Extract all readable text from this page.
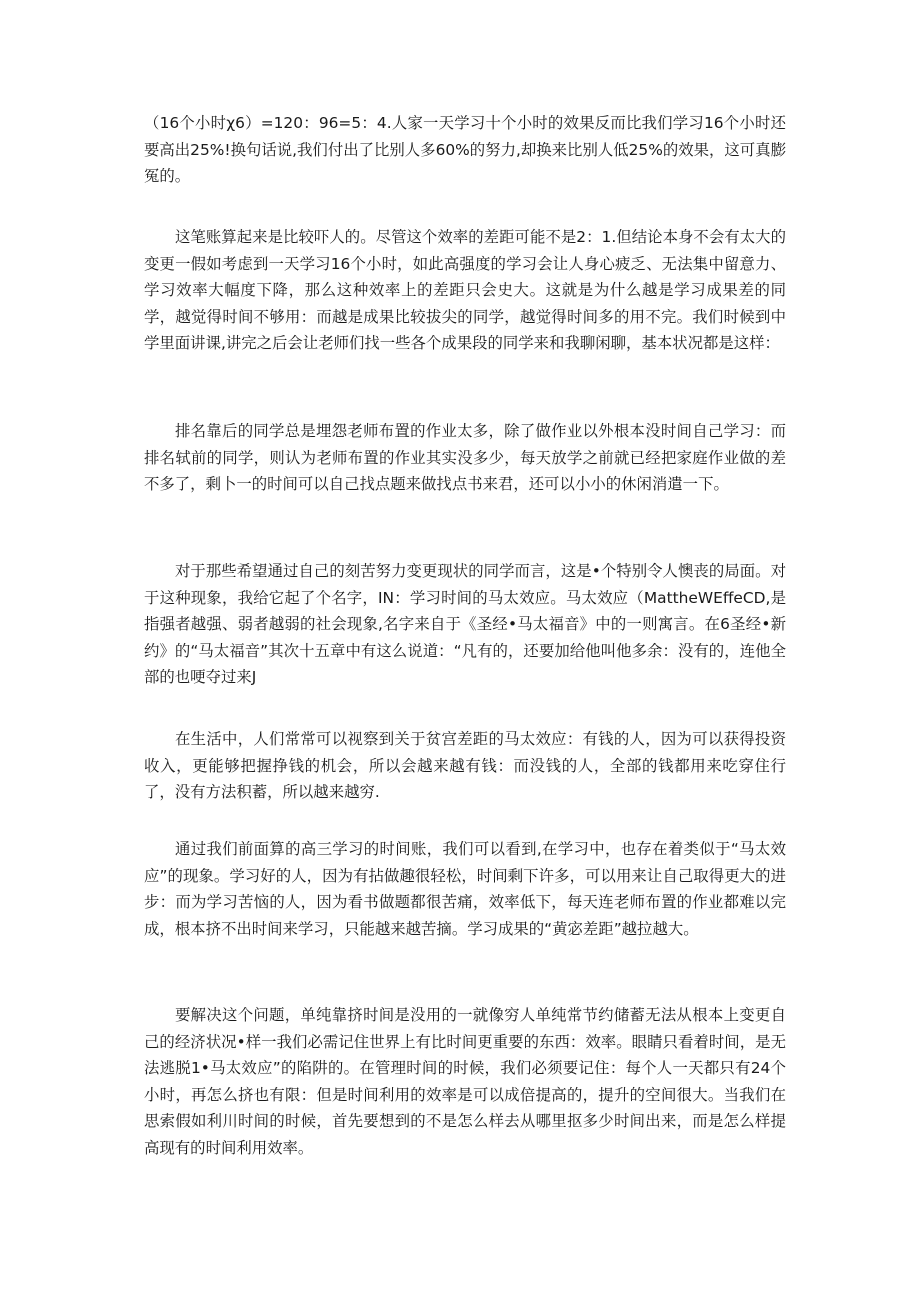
（16个小时χ6）=120：96=5：4.人家一天学习十个小时的效果反而比我们学习16个小时还要高出25%!换句话说,我们付出了比别人多60%的努力,却换来比别人低25%的效果，这可真膨冤的。

这笔账算起来是比较吓人的。尽管这个效率的差距可能不是2：1.但结论本身不会有太大的变更一假如考虑到一天学习16个小时，如此高强度的学习会让人身心疲乏、无法集中留意力、学习效率大幅度下降，那么这种效率上的差距只会史大。这就是为什么越是学习成果差的同学，越觉得时间不够用：而越是成果比较拔尖的同学，越觉得时间多的用不完。我们时候到中学里面讲课,讲完之后会让老师们找一些各个成果段的同学来和我聊闲聊，基本状况都是这样：

排名靠后的同学总是埋怨老师布置的作业太多，除了做作业以外根本没时间自己学习：而排名轼前的同学，则认为老师布置的作业其实没多少，每天放学之前就已经把家庭作业做的差不多了，剩卜一的时间可以自己找点题来做找点书来君，还可以小小的休闲消遣一下。

对于那些希望通过自己的刻苦努力变更现状的同学而言，这是•个特别令人懊丧的局面。对于这种现象，我给它起了个名字，IN：学习时间的马太效应。马太效应（MattheWEffeCD,是指强者越强、弱者越弱的社会现象,名字来自于《圣经•马太福音》中的一则寓言。在6圣经•新约》的“马太福音”其次十五章中有这么说道：“凡有的，还要加给他叫他多余：没有的，连他全部的也哽夺过来J

在生活中，人们常常可以视察到关于贫宫差距的马太效应：有钱的人，因为可以获得投资收入，更能够把握挣钱的机会，所以会越来越有钱：而没钱的人，全部的钱都用来吃穿住行了，没有方法积蓄，所以越来越穷.

通过我们前面算的高三学习的时间账，我们可以看到,在学习中，也存在着类似于“马太效应”的现象。学习好的人，因为有拈做趣很轻松，时间剩下许多，可以用来让自己取得更大的进步：而为学习苦恼的人，因为看书做题都很苦痛，效率低下，每天连老师布置的作业都难以完成，根本挤不出时间来学习，只能越来越苦摘。学习成果的“黄宓差距”越拉越大。

要解决这个问题，单纯靠挤时间是没用的一就像穷人单纯常节约储蓄无法从根本上变更自己的经济状况•样一我们必需记住世界上有比时间更重要的东西：效率。眼睛只看着时间，是无法逃脱1•马太效应”的陷阱的。在管理时间的时候，我们必须要记住：每个人一天都只有24个小时，再怎么挤也有限：但是时间利用的效率是可以成倍提高的，提升的空间很大。当我们在思索假如利川时间的时候，首先要想到的不是怎么样去从哪里抠多少时间出来，而是怎么样提高现有的时间利用效率。
